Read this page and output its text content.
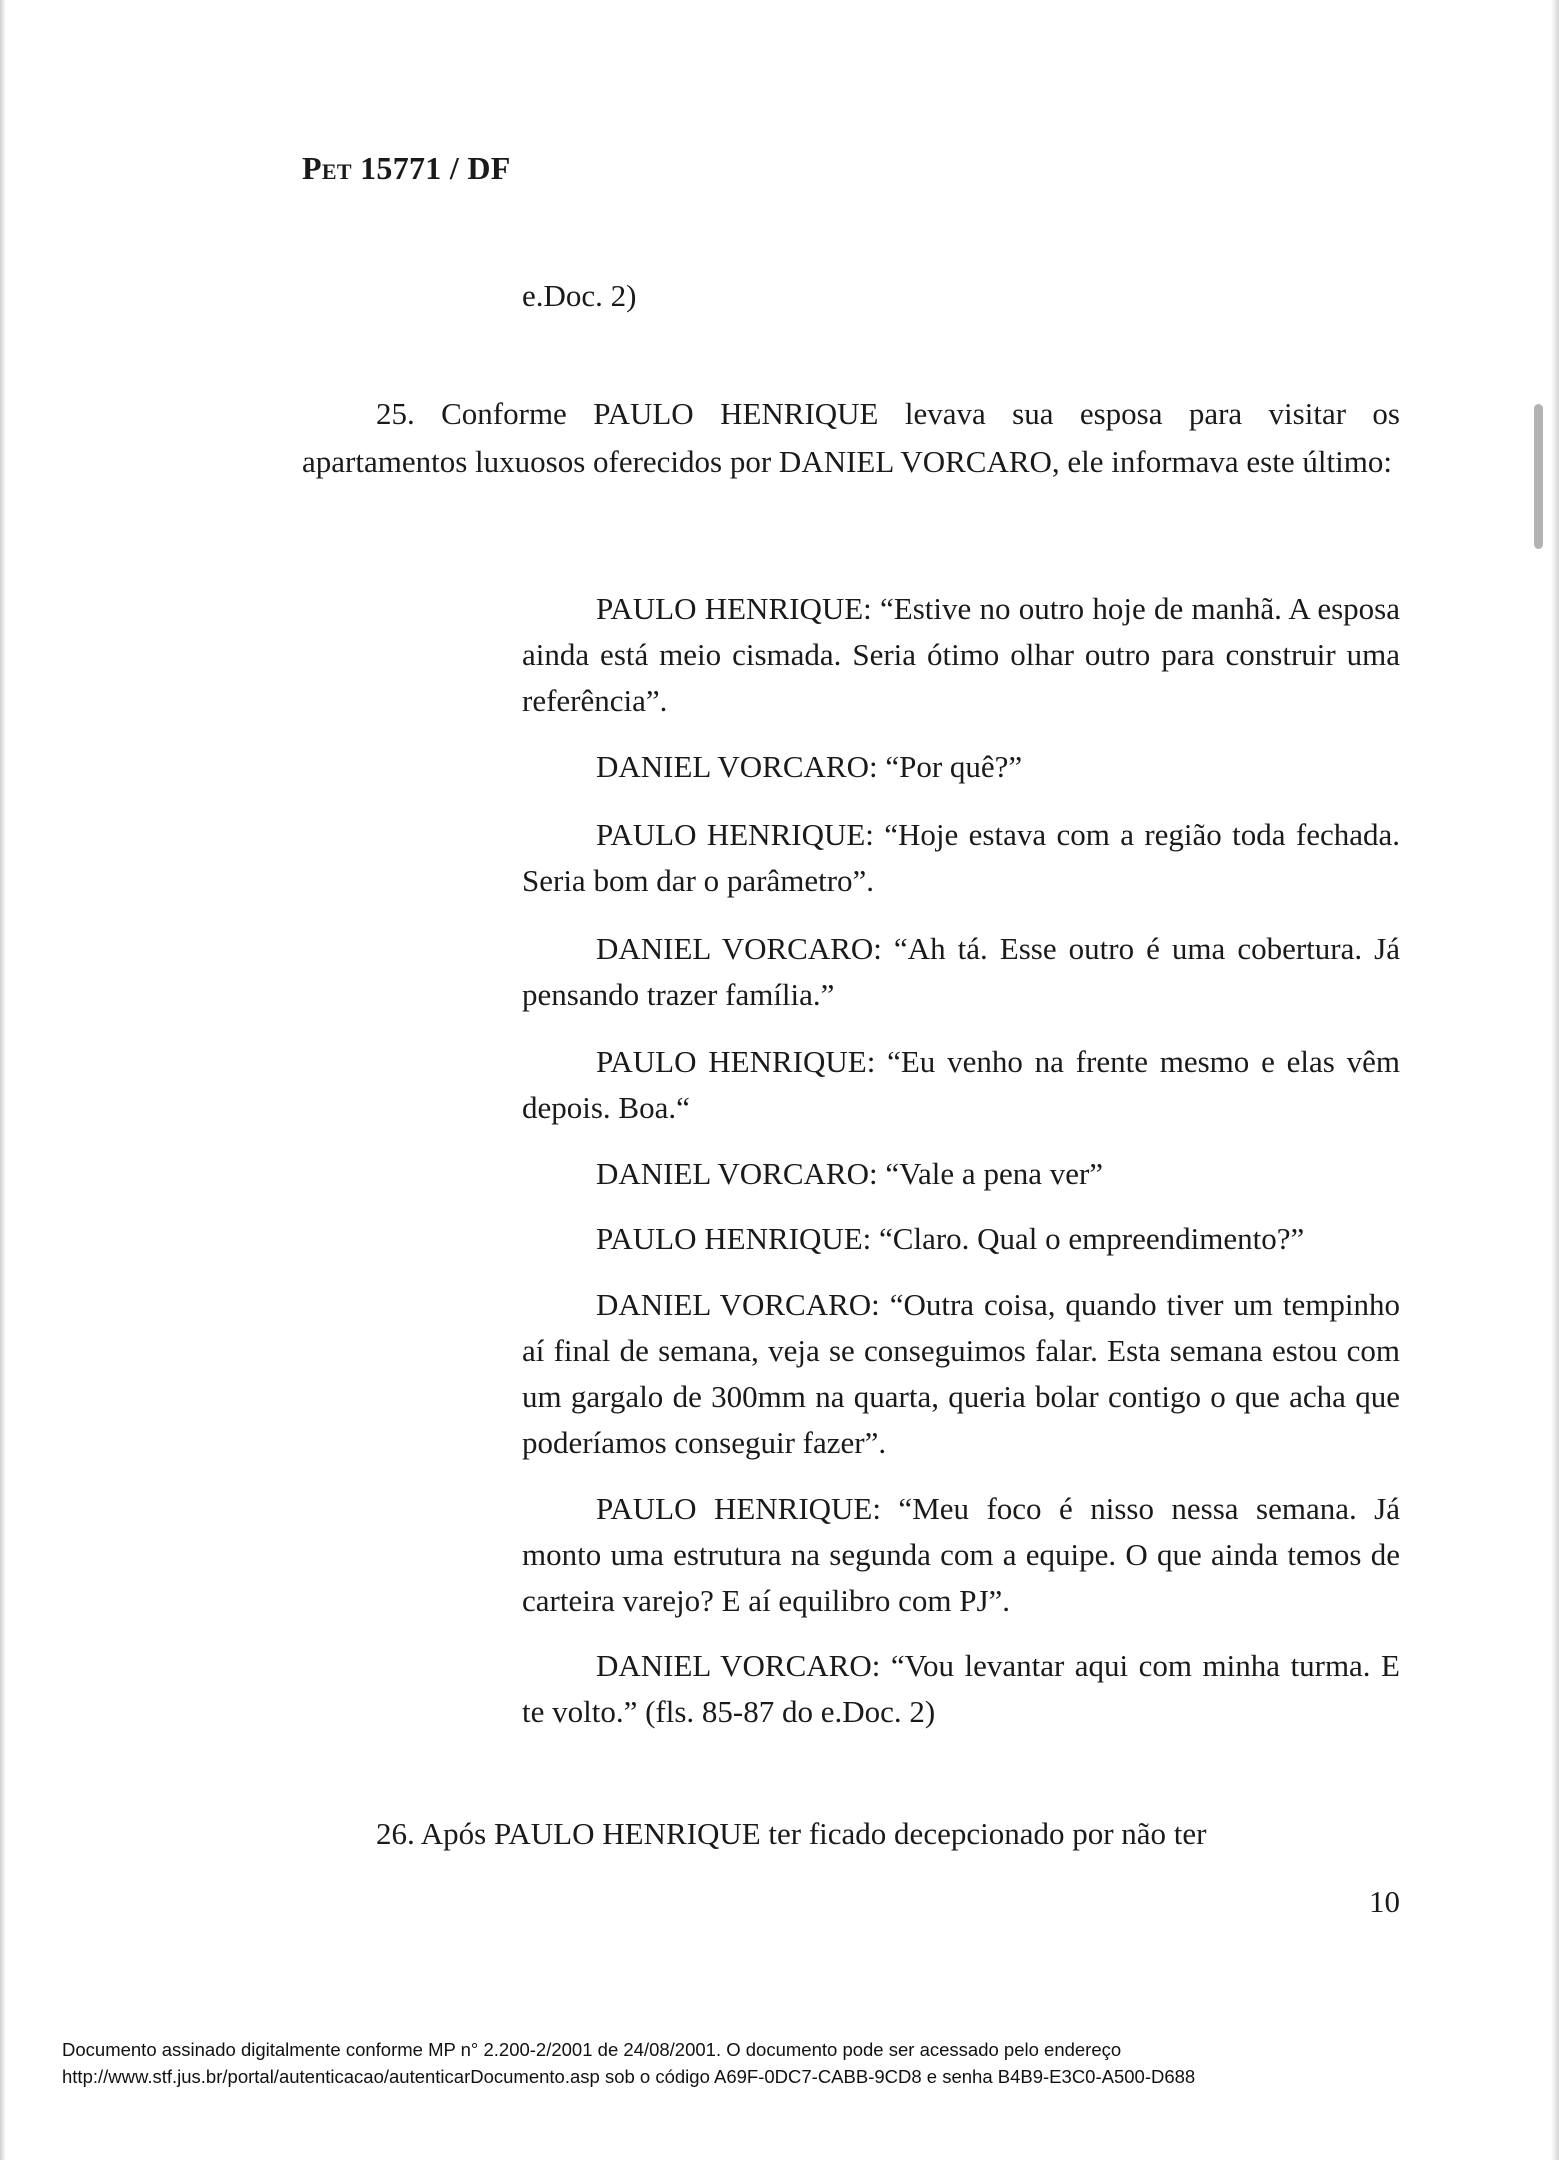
Pet 15771 / DF
e.Doc. 2)

25. Conforme PAULO HENRIQUE levava sua esposa para visitar os apartamentos luxuosos oferecidos por DANIEL VORCARO, ele informava este último:

PAULO HENRIQUE: “Estive no outro hoje de manhã. A esposa ainda está meio cismada. Seria ótimo olhar outro para construir uma referência”.

DANIEL VORCARO: “Por quê?”

PAULO HENRIQUE: “Hoje estava com a região toda fechada. Seria bom dar o parâmetro”.

DANIEL VORCARO: “Ah tá. Esse outro é uma cobertura. Já pensando trazer família.”

PAULO HENRIQUE: “Eu venho na frente mesmo e elas vêm depois. Boa.“

DANIEL VORCARO: “Vale a pena ver”

PAULO HENRIQUE: “Claro. Qual o empreendimento?”

DANIEL VORCARO: “Outra coisa, quando tiver um tempinho aí final de semana, veja se conseguimos falar. Esta semana estou com um gargalo de 300mm na quarta, queria bolar contigo o que acha que poderíamos conseguir fazer”.

PAULO HENRIQUE: “Meu foco é nisso nessa semana. Já monto uma estrutura na segunda com a equipe. O que ainda temos de carteira varejo? E aí equilibro com PJ”.

DANIEL VORCARO: “Vou levantar aqui com minha turma. E te volto.” (fls. 85-87 do e.Doc. 2)

26. Após PAULO HENRIQUE ter ficado decepcionado por não ter

10
Documento assinado digitalmente conforme MP n° 2.200-2/2001 de 24/08/2001. O documento pode ser acessado pelo endereço
http://www.stf.jus.br/portal/autenticacao/autenticarDocumento.asp sob o código A69F-0DC7-CABB-9CD8 e senha B4B9-E3C0-A500-D688
